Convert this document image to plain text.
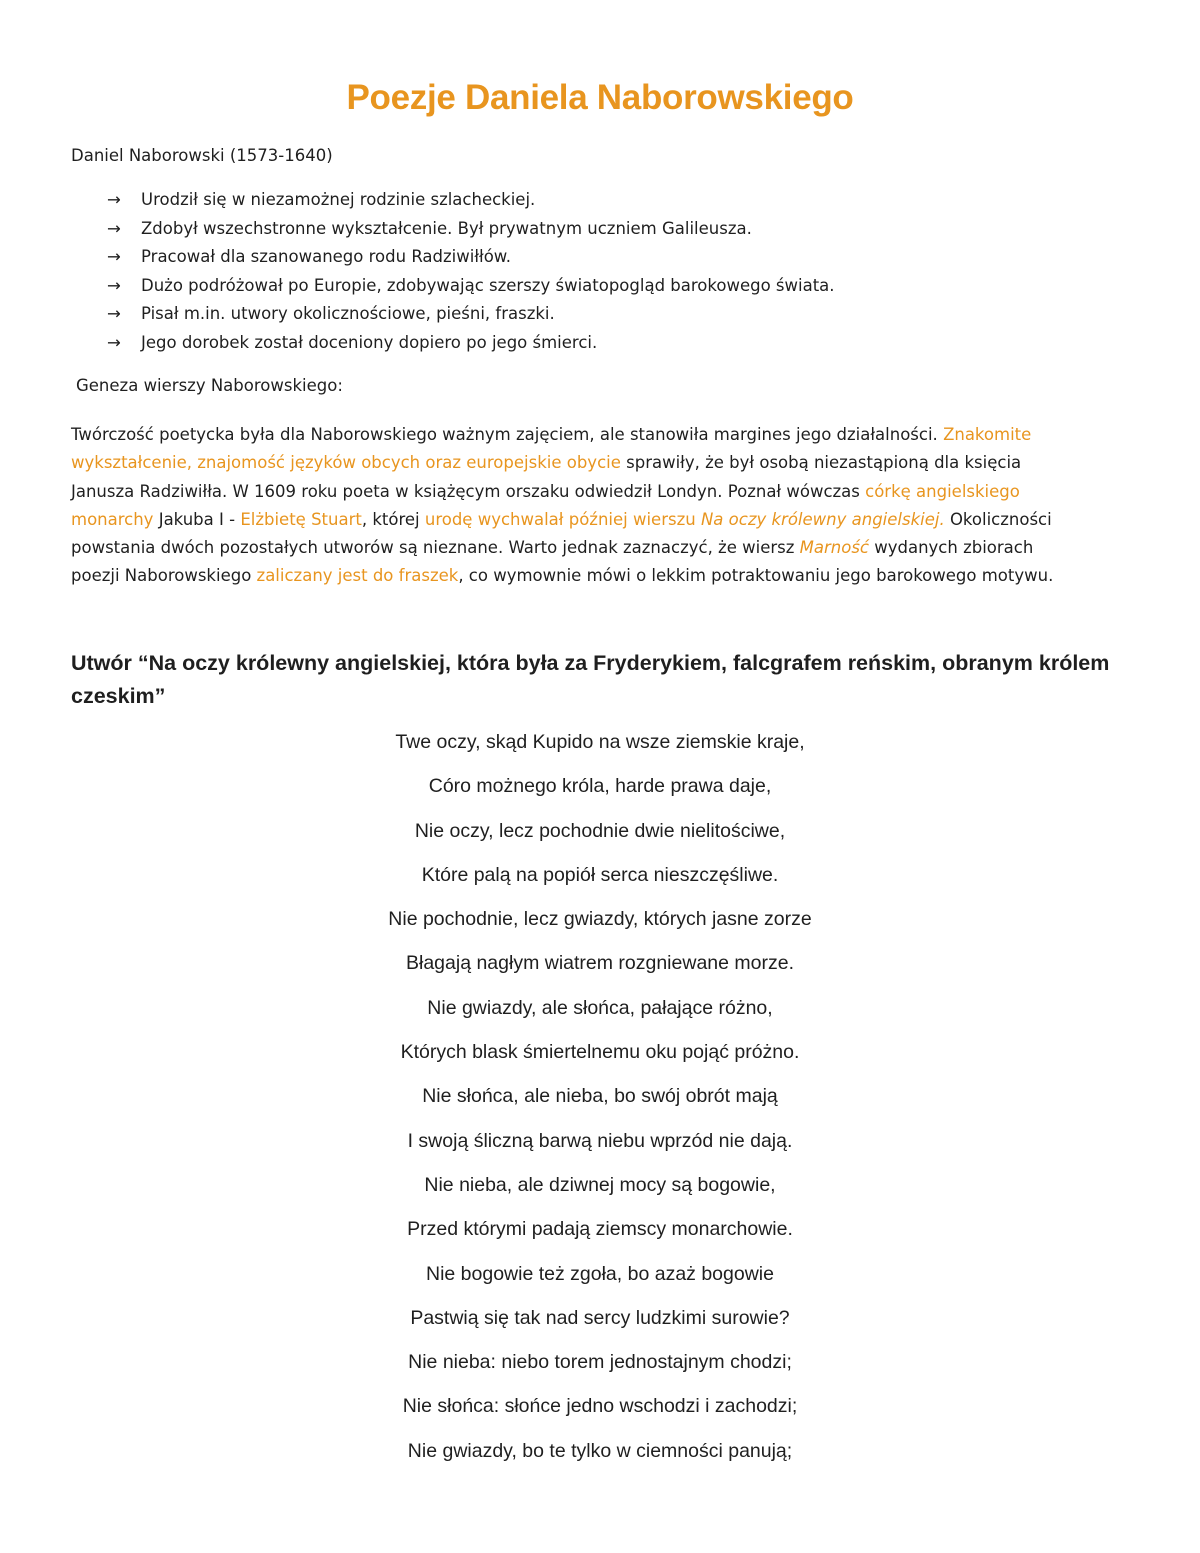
Poezje Daniela Naborowskiego
Daniel Naborowski (1573-1640)
→	Urodził się w niezamożnej rodzinie szlacheckiej.
→	Zdobył wszechstronne wykształcenie. Był prywatnym uczniem Galileusza.
→	Pracował dla szanowanego rodu Radziwiłłów.
→	Dużo podróżował po Europie, zdobywając szerszy światopogląd barokowego świata.
→	Pisał m.in. utwory okolicznościowe, pieśni, fraszki.
→	Jego dorobek został doceniony dopiero po jego śmierci.
Geneza wierszy Naborowskiego:
Twórczość poetycka była dla Naborowskiego ważnym zajęciem, ale stanowiła margines jego działalności. Znakomite
wykształcenie, znajomość języków obcych oraz europejskie obycie sprawiły, że był osobą niezastąpioną dla księcia
Janusza Radziwiłła. W 1609 roku poeta w książęcym orszaku odwiedził Londyn. Poznał wówczas córkę angielskiego
monarchy Jakuba I - Elżbietę Stuart, której urodę wychwalał później wierszu Na oczy królewny angielskiej. Okoliczności
powstania dwóch pozostałych utworów są nieznane. Warto jednak zaznaczyć, że wiersz Marność wydanych zbiorach
poezji Naborowskiego zaliczany jest do fraszek, co wymownie mówi o lekkim potraktowaniu jego barokowego motywu.
Utwór “Na oczy królewny angielskiej, która była za Fryderykiem, falcgrafem reńskim, obranym królem czeskim”
Twe oczy, skąd Kupido na wsze ziemskie kraje,
Córo możnego króla, harde prawa daje,
Nie oczy, lecz pochodnie dwie nielitościwe,
Które palą na popiół serca nieszczęśliwe.
Nie pochodnie, lecz gwiazdy, których jasne zorze
Błagają nagłym wiatrem rozgniewane morze.
Nie gwiazdy, ale słońca, pałające różno,
Których blask śmiertelnemu oku pojąć próżno.
Nie słońca, ale nieba, bo swój obrót mają
I swoją śliczną barwą niebu wprzód nie dają.
Nie nieba, ale dziwnej mocy są bogowie,
Przed którymi padają ziemscy monarchowie.
Nie bogowie też zgoła, bo azaż bogowie
Pastwią się tak nad sercy ludzkimi surowie?
Nie nieba: niebo torem jednostajnym chodzi;
Nie słońca: słońce jedno wschodzi i zachodzi;
Nie gwiazdy, bo te tylko w ciemności panują;
